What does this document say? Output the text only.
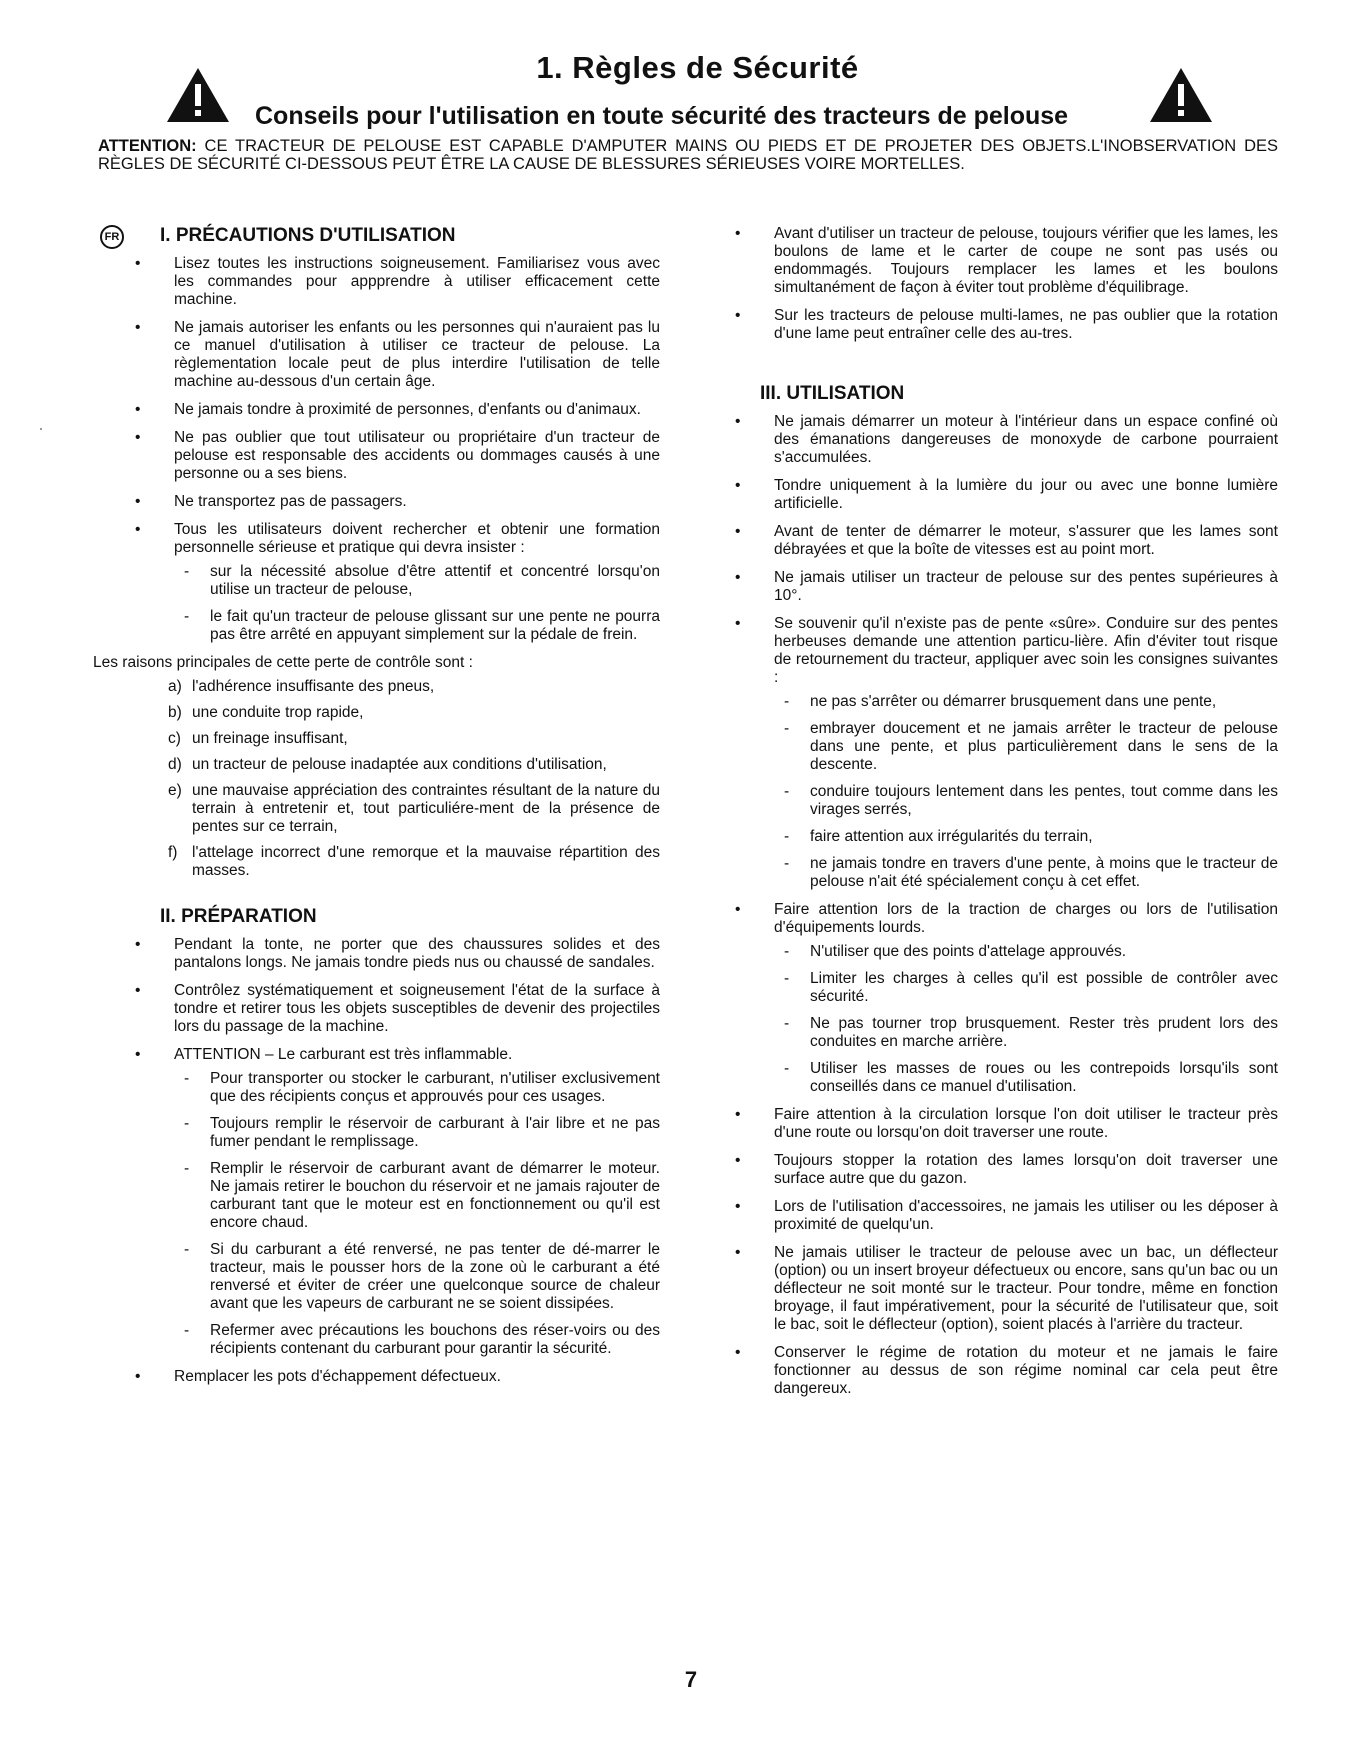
1. Règles de Sécurité
Conseils pour l'utilisation en toute sécurité des tracteurs de pelouse
ATTENTION: CE TRACTEUR DE PELOUSE EST CAPABLE D'AMPUTER MAINS OU PIEDS ET DE PROJETER DES OBJETS.L'INOBSERVATION DES RÈGLES DE SÉCURITÉ CI-DESSOUS PEUT ÊTRE LA CAUSE DE BLESSURES SÉRIEUSES VOIRE MORTELLES.
FR I. PRÉCAUTIONS D'UTILISATION
• Lisez toutes les instructions soigneusement. Familiarisez vous avec les commandes pour appprendre à utiliser efficacement cette machine.
• Ne jamais autoriser les enfants ou les personnes qui n'auraient pas lu ce manuel d'utilisation à utiliser ce tracteur de pelouse. La règlementation locale peut de plus interdire l'utilisation de telle machine au-dessous d'un certain âge.
• Ne jamais tondre à proximité de personnes, d'enfants ou d'animaux.
• Ne pas oublier que tout utilisateur ou propriétaire d'un tracteur de pelouse est responsable des accidents ou dommages causés à une personne ou a ses biens.
• Ne transportez pas de passagers.
• Tous les utilisateurs doivent rechercher et obtenir une formation personnelle sérieuse et pratique qui devra insister :
- sur la nécessité absolue d'être attentif et concentré lorsqu'on utilise un tracteur de pelouse,
- le fait qu'un tracteur de pelouse glissant sur une pente ne pourra pas être arrêté en appuyant simplement sur la pédale de frein.
Les raisons principales de cette perte de contrôle sont :
a) l'adhérence insuffisante des pneus,
b) une conduite trop rapide,
c) un freinage insuffisant,
d) un tracteur de pelouse inadaptée aux conditions d'utilisation,
e) une mauvaise appréciation des contraintes résultant de la nature du terrain à entretenir et, tout particuliére-ment de la présence de pentes sur ce terrain,
f) l'attelage incorrect d'une remorque et la mauvaise répartition des masses.
II. PRÉPARATION
• Pendant la tonte, ne porter que des chaussures solides et des pantalons longs. Ne jamais tondre pieds nus ou chaussé de sandales.
• Contrôlez systématiquement et soigneusement l'état de la surface à tondre et retirer tous les objets susceptibles de devenir des projectiles lors du passage de la machine.
• ATTENTION – Le carburant est très inflammable.
- Pour transporter ou stocker le carburant, n'utiliser exclusivement que des récipients conçus et approuvés pour ces usages.
- Toujours remplir le réservoir de carburant à l'air libre et ne pas fumer pendant le remplissage.
- Remplir le réservoir de carburant avant de démarrer le moteur. Ne jamais retirer le bouchon du réservoir et ne jamais rajouter de carburant tant que le moteur est en fonctionnement ou qu'il est encore chaud.
- Si du carburant a été renversé, ne pas tenter de dé-marrer le tracteur, mais le pousser hors de la zone où le carburant a été renversé et éviter de créer une quelconque source de chaleur avant que les vapeurs de carburant ne se soient dissipées.
- Refermer avec précautions les bouchons des réser-voirs ou des récipients contenant du carburant pour garantir la sécurité.
• Remplacer les pots d'échappement défectueux.
• Avant d'utiliser un tracteur de pelouse, toujours vérifier que les lames, les boulons de lame et le carter de coupe ne sont pas usés ou endommagés. Toujours remplacer les lames et les boulons simultanément de façon à éviter tout problème d'équilibrage.
• Sur les tracteurs de pelouse multi-lames, ne pas oublier que la rotation d'une lame peut entraîner celle des au-tres.
III. UTILISATION
• Ne jamais démarrer un moteur à l'intérieur dans un espace confiné où des émanations dangereuses de monoxyde de carbone pourraient s'accumulées.
• Tondre uniquement à la lumière du jour ou avec une bonne lumière artificielle.
• Avant de tenter de démarrer le moteur, s'assurer que les lames sont débrayées et que la boîte de vitesses est au point mort.
• Ne jamais utiliser un tracteur de pelouse sur des pentes supérieures à 10°.
• Se souvenir qu'il n'existe pas de pente «sûre». Conduire sur des pentes herbeuses demande une attention particu-lière. Afin d'éviter tout risque de retournement du tracteur, appliquer avec soin les consignes suivantes :
- ne pas s'arrêter ou démarrer brusquement dans une pente,
- embrayer doucement et ne jamais arrêter le tracteur de pelouse dans une pente, et plus particulièrement dans le sens de la descente.
- conduire toujours lentement dans les pentes, tout comme dans les virages serrés,
- faire attention aux irrégularités du terrain,
- ne jamais tondre en travers d'une pente, à moins que le tracteur de pelouse n'ait été spécialement conçu à cet effet.
• Faire attention lors de la traction de charges ou lors de l'utilisation d'équipements lourds.
- N'utiliser que des points d'attelage approuvés.
- Limiter les charges à celles qu'il est possible de contrôler avec sécurité.
- Ne pas tourner trop brusquement. Rester très prudent lors des conduites en marche arrière.
- Utiliser les masses de roues ou les contrepoids lorsqu'ils sont conseillés dans ce manuel d'utilisation.
• Faire attention à la circulation lorsque l'on doit utiliser le tracteur près d'une route ou lorsqu'on doit traverser une route.
• Toujours stopper la rotation des lames lorsqu'on doit traverser une surface autre que du gazon.
• Lors de l'utilisation d'accessoires, ne jamais les utiliser ou les déposer à proximité de quelqu'un.
• Ne jamais utiliser le tracteur de pelouse avec un bac, un déflecteur (option) ou un insert broyeur défectueux ou encore, sans qu'un bac ou un déflecteur ne soit monté sur le tracteur. Pour tondre, même en fonction broyage, il faut impérativement, pour la sécurité de l'utilisateur que, soit le bac, soit le déflecteur (option), soient placés à l'arrière du tracteur.
• Conserver le régime de rotation du moteur et ne jamais le faire fonctionner au dessus de son régime nominal car cela peut être dangereux.
7
